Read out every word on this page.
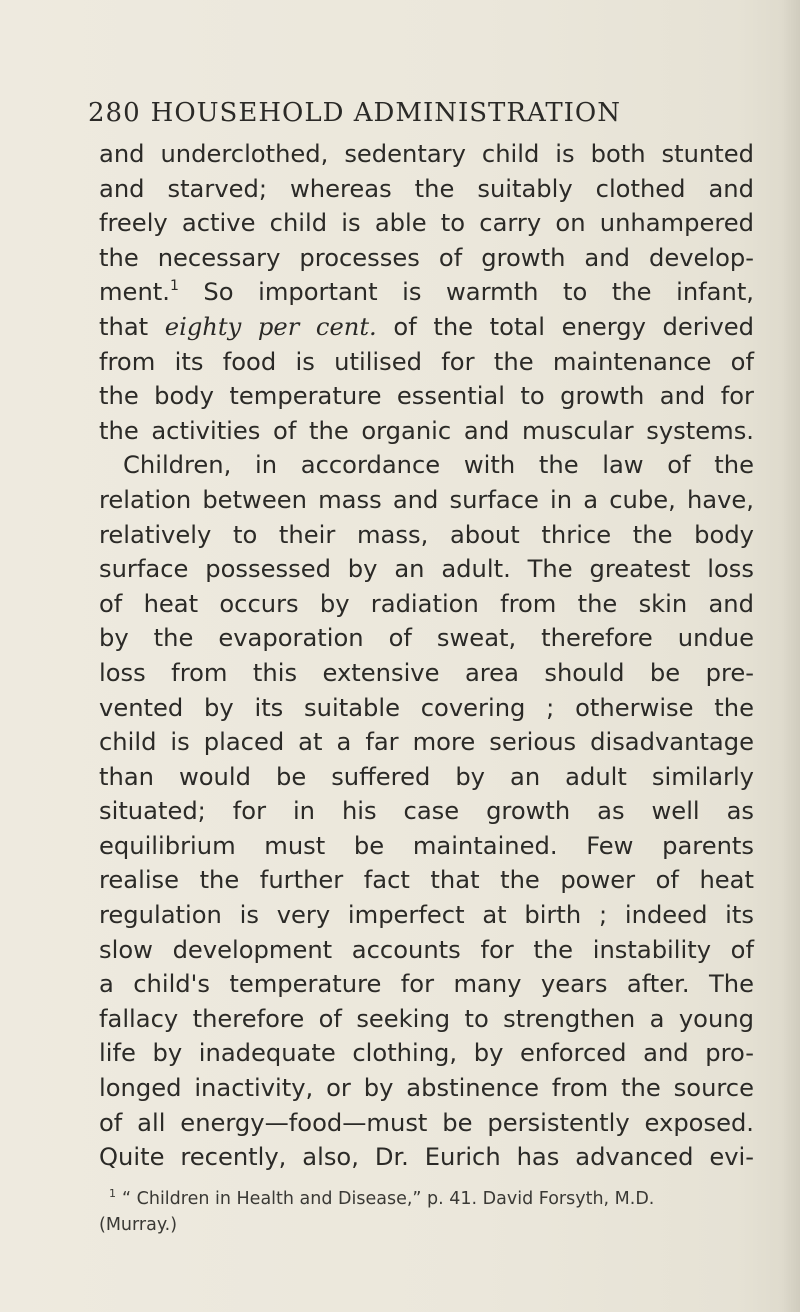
280 HOUSEHOLD ADMINISTRATION
and underclothed, sedentary child is both stunted
and starved; whereas the suitably clothed and
freely active child is able to carry on unhampered
the necessary processes of growth and develop-
ment.$^1$ So important is warmth to the infant,
that eighty per cent. of the total energy derived
from its food is utilised for the maintenance of
the body temperature essential to growth and for
the activities of the organic and muscular systems.
Children, in accordance with the law of the
relation between mass and surface in a cube, have,
relatively to their mass, about thrice the body
surface possessed by an adult. The greatest loss
of heat occurs by radiation from the skin and
by the evaporation of sweat, therefore undue
loss from this extensive area should be pre-
vented by its suitable covering ; otherwise the
child is placed at a far more serious disadvantage
than would be suffered by an adult similarly
situated; for in his case growth as well as
equilibrium must be maintained. Few parents
realise the further fact that the power of heat
regulation is very imperfect at birth ; indeed its
slow development accounts for the instability of
a child's temperature for many years after. The
fallacy therefore of seeking to strengthen a young
life by inadequate clothing, by enforced and pro-
longed inactivity, or by abstinence from the source
of all energy—food—must be persistently exposed.
Quite recently, also, Dr. Eurich has advanced evi-
$^1$ “ Children in Health and Disease,” p. 41. David Forsyth, M.D.
(Murray.)
